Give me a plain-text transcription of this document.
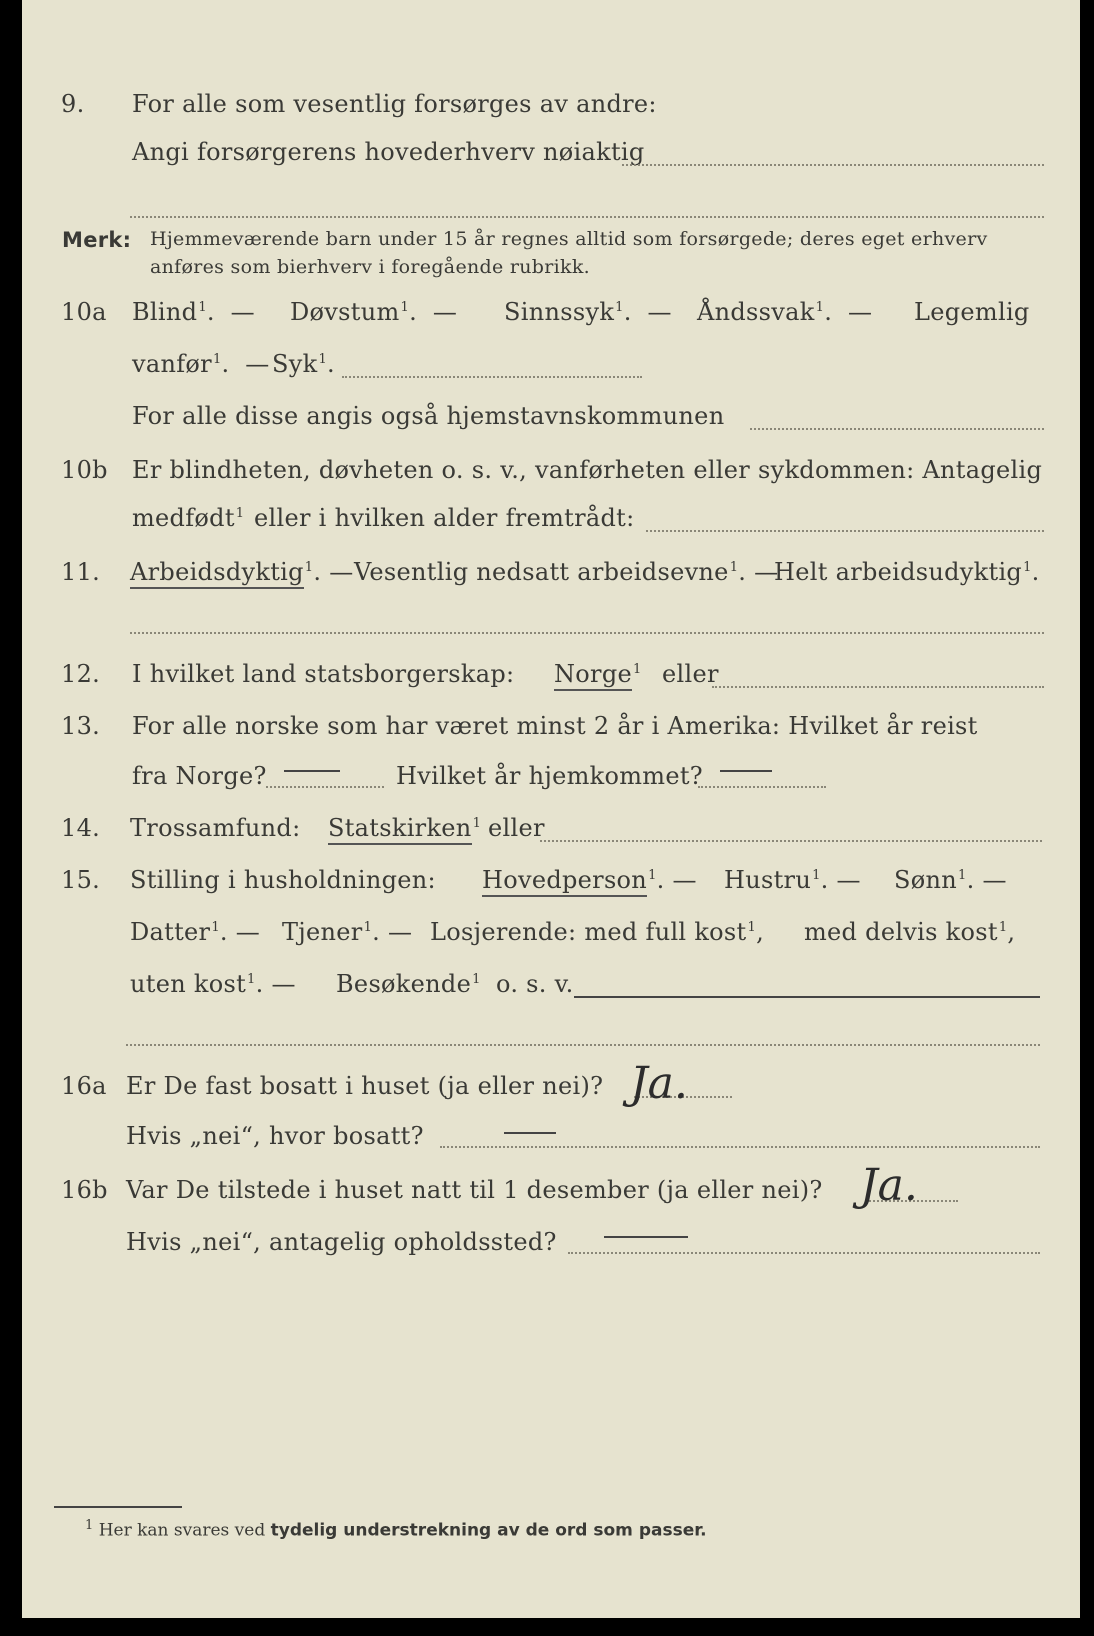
9. For alle som vesentlig forsørges av andre:
Angi forsørgerens hovederhverv nøiaktig
Merk: Hjemmeværende barn under 15 år regnes alltid som forsørgede; deres eget erhverv
anføres som bierhverv i foregående rubrikk.
10a Blind$^1$.  — Døvstum$^1$.  — Sinnssyk$^1$.  — Åndssvak$^1$.  — Legemlig
vanfør$^1$.  —
Syk$^1$.
For alle disse angis også hjemstavnskommunen
10b Er blindheten, døvheten o. s. v., vanførheten eller sykdommen: Antagelig
medfødt$^1$ eller i hvilken alder fremtrådt:
11. Arbeidsdyktig$^1$. — Vesentlig nedsatt arbeidsevne$^1$. —
Helt arbeidsudyktig$^1$.
12. I hvilket land statsborgerskap: Norge$^1$ eller
13. For alle norske som har været minst 2 år i Amerika: Hvilket år reist
fra Norge?	Hvilket år hjemkommet?
14. Trossamfund: Statskirken$^1$ eller
15. Stilling i husholdningen: Hovedperson$^1$. — Hustru$^1$. — Sønn$^1$. —
Datter$^1$. — Tjener$^1$. — Losjerende: med full kost$^1$, med delvis kost$^1$,
uten kost$^1$. — Besøkende$^1$ o. s. v.
16a Er De fast bosatt i huset (ja eller nei)? Ja.
Hvis „nei“, hvor bosatt?
16b Var De tilstede i huset natt til 1 desember (ja eller nei)? Ja.
Hvis „nei“, antagelig opholdssted?
$^1$ Her kan svares ved tydelig understrekning av de ord som passer.
